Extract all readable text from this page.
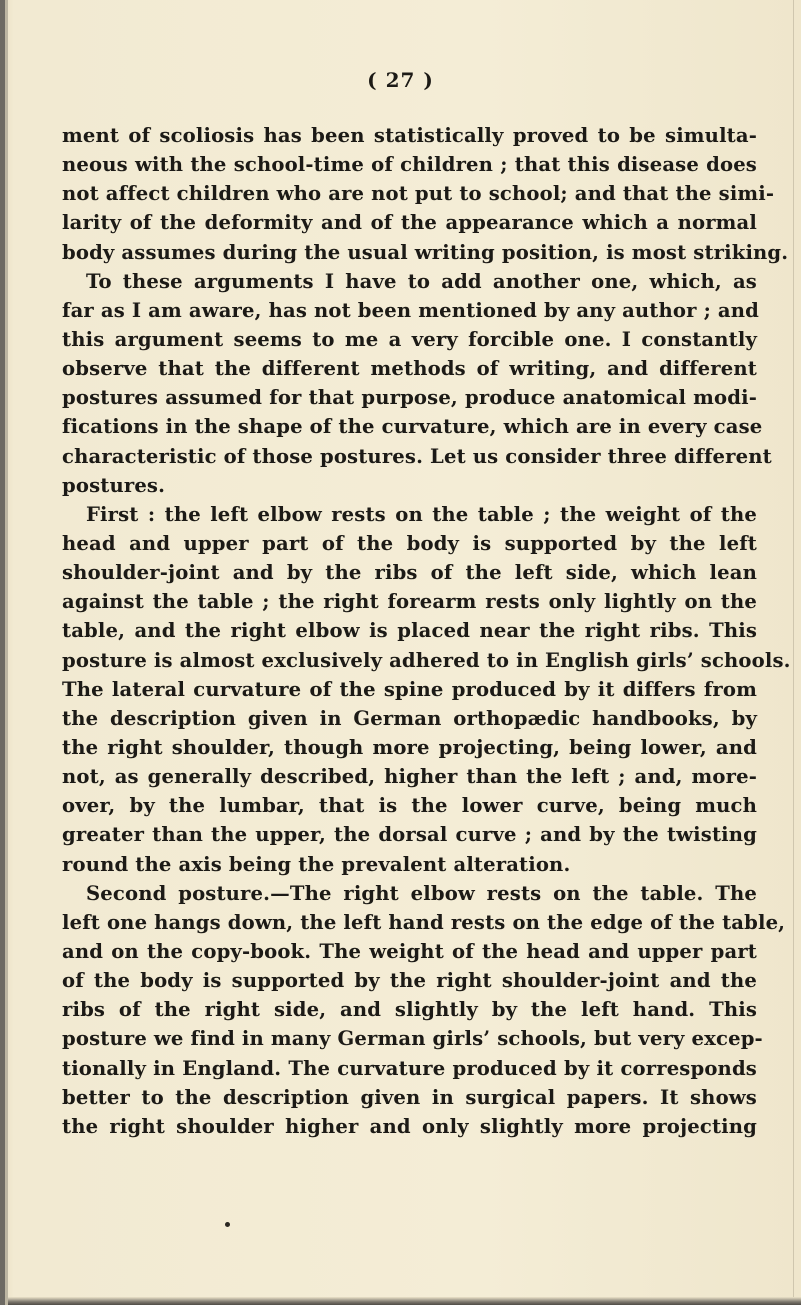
( 27 )
ment of scoliosis has been statistically proved to be simulta-
neous with the school-time of children ; that this disease does
not affect children who are not put to school; and that the simi-
larity of the deformity and of the appearance which a normal
body assumes during the usual writing position, is most striking.
To these arguments I have to add another one, which, as
far as I am aware, has not been mentioned by any author ; and
this argument seems to me a very forcible one. I constantly
observe that the different methods of writing, and different
postures assumed for that purpose, produce anatomical modi-
fications in the shape of the curvature, which are in every case
characteristic of those postures. Let us consider three different
postures.
First : the left elbow rests on the table ; the weight of the
head and upper part of the body is supported by the left
shoulder-joint and by the ribs of the left side, which lean
against the table ; the right forearm rests only lightly on the
table, and the right elbow is placed near the right ribs. This
posture is almost exclusively adhered to in English girls’ schools.
The lateral curvature of the spine produced by it differs from
the description given in German orthopædic handbooks, by
the right shoulder, though more projecting, being lower, and
not, as generally described, higher than the left ; and, more-
over, by the lumbar, that is the lower curve, being much
greater than the upper, the dorsal curve ; and by the twisting
round the axis being the prevalent alteration.
Second posture.—The right elbow rests on the table. The
left one hangs down, the left hand rests on the edge of the table,
and on the copy-book. The weight of the head and upper part
of the body is supported by the right shoulder-joint and the
ribs of the right side, and slightly by the left hand. This
posture we find in many German girls’ schools, but very excep-
tionally in England. The curvature produced by it corresponds
better to the description given in surgical papers. It shows
the right shoulder higher and only slightly more projecting
